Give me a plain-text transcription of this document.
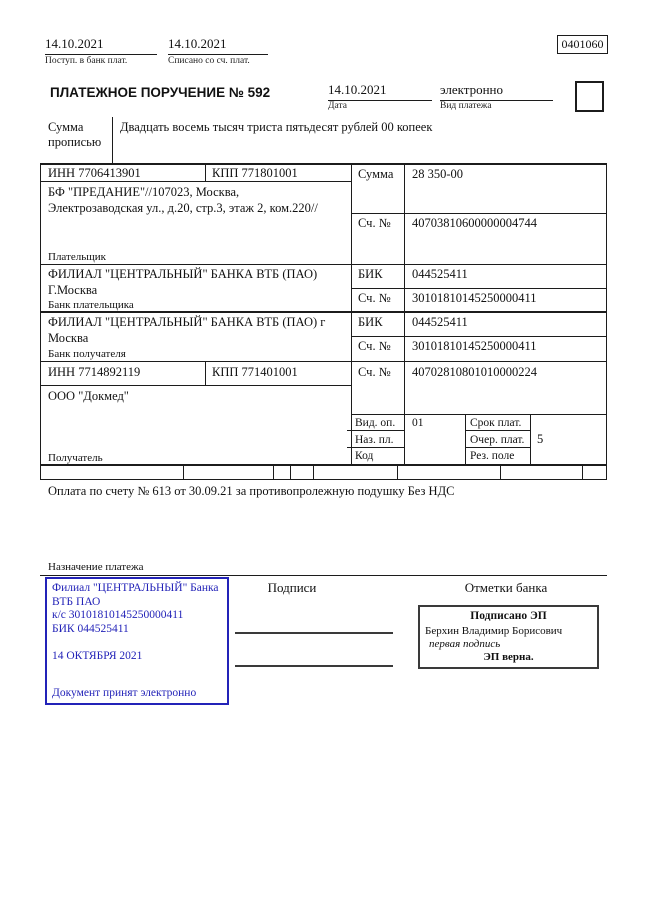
14.10.2021
Поступ. в банк плат.
14.10.2021
Списано со сч. плат.
0401060
ПЛАТЕЖНОЕ ПОРУЧЕНИЕ № 592	14.10.2021
Дата
электронно
Вид платежа
Сумма прописью
Двадцать восемь тысяч триста пятьдесят рублей 00 копеек
ИНН 7706413901	КПП 771801001	Сумма 28 350-00
БФ "ПРЕДАНИЕ"//107023, Москва, Электрозаводская ул., д.20, стр.3, этаж 2, ком.220//
Сч. № 40703810600000004744
Плательщик
ФИЛИАЛ "ЦЕНТРАЛЬНЫЙ" БАНКА ВТБ (ПАО) Г.Москва
БИК 044525411
Сч. № 30101810145250000411
Банк плательщика
ФИЛИАЛ "ЦЕНТРАЛЬНЫЙ" БАНКА ВТБ (ПАО) г Москва
БИК 044525411
Сч. № 30101810145250000411
Банк получателя
ИНН 7714892119	КПП 771401001	Сч. № 40702810801010000224
ООО "Докмед"
Получатель
Вид. оп. 01	Срок плат.
Наз. пл.	Очер. плат. 5
Код	Рез. поле
Оплата по счету № 613 от 30.09.21 за противопролежную подушку Без НДС
Назначение платежа
Филиал "ЦЕНТРАЛЬНЫЙ" Банка ВТБ ПАО
к/с 30101810145250000411
БИК 044525411
14 ОКТЯБРЯ 2021
Документ принят электронно
Подписи	Отметки банка
Подписано ЭП
Берхин Владимир Борисович
первая подпись
ЭП верна.
